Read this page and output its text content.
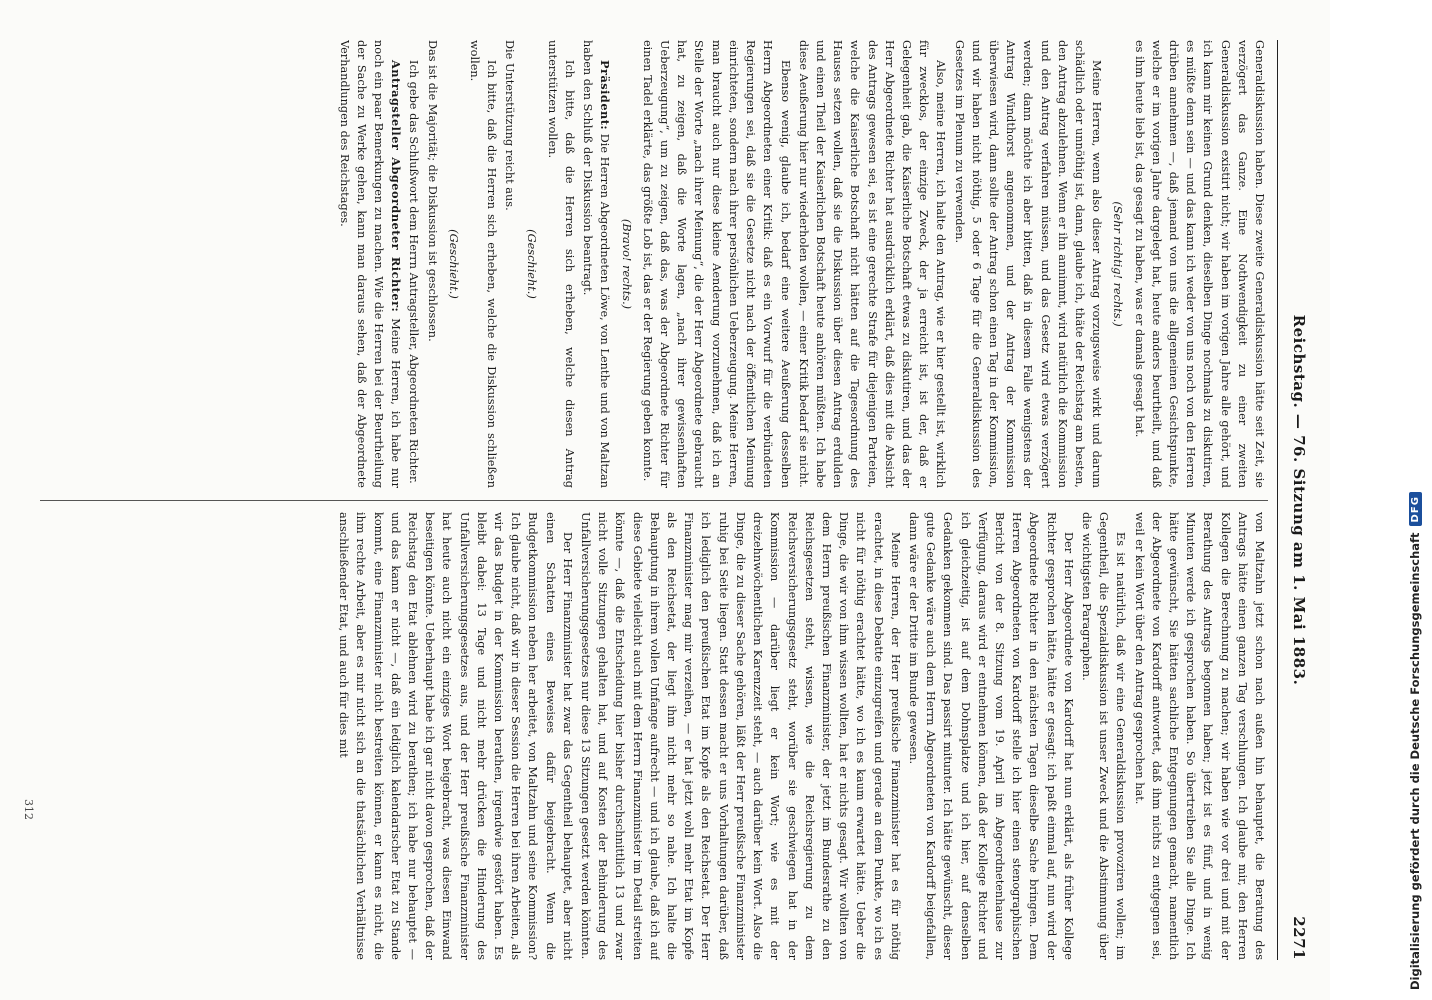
Reichstag. — 76. Sitzung am 1. Mai 1883.
2271

Generaldiskussion haben. Diese zweite Generaldiskussion hätte seit Zeit, sie verzögert das Ganze. Eine Nothwendigkeit zu einer zweiten Generaldiskussion existirt nicht; wir haben im vorigen Jahre alle gehört, und ich kann mir keinen Grund denken, dieselben Dinge nochmals zu diskutiren, es müßte denn sein — und das kann ich weder von uns noch von den Herren drüben annehmen —, daß jemand von uns die allgemeinen Gesichtspunkte, welche er im vorigen Jahre dargelegt hat, heute anders beurtheilt, und daß es ihm heute lieb ist, das gesagt zu haben, was er damals gesagt hat.

(Sehr richtig! rechts.)

Meine Herren, wenn also dieser Antrag vorzugsweise wirkt und darum schädlich oder unnöthig ist, dann, glaube ich, thäte der Reichstag am besten, den Antrag abzulehnen. Wenn er ihn annimmt, wird natürlich die Kommission und den Antrag verfahren müssen, und das Gesetz wird etwas verzögert werden; dann möchte ich aber bitten, daß in diesem Falle wenigstens der Antrag Windthorst angenommen, und der Antrag der Kommission überwiesen wird, dann sollte der Antrag schon einen Tag in der Kommission, und wir haben nicht nöthig, 5 oder 6 Tage für die Generaldiskussion des Gesetzes im Plenum zu verwenden.

Also, meine Herren, ich halte den Antrag, wie er hier gestellt ist, wirklich für zwecklos, der einzige Zweck, der ja erreicht ist, ist der, daß er Gelegenheit gab, die Kaiserliche Botschaft etwas zu diskutiren, und das der Herr Abgeordnete Richter hat ausdrücklich erklärt, daß dies mit die Absicht des Antrags gewesen sei, es ist eine gerechte Strafe für diejenigen Parteien, welche die Kaiserliche Botschaft nicht hätten auf die Tagesordnung des Hauses setzen wollen, daß sie die Diskussion über diesen Antrag erdulden und einen Theil der Kaiserlichen Botschaft heute anhören müßten. Ich habe diese Aeußerung hier nur wiederholen wollen, — einer Kritik bedarf sie nicht.

Ebenso wenig, glaube ich, bedarf eine weitere Aeußerung desselben Herrn Abgeordneten einer Kritik: daß es ein Vorwurf für die verbündeten Regierungen sei, daß sie die Gesetze nicht nach der öffentlichen Meinung einrichteten, sondern nach ihrer persönlichen Ueberzeugung. Meine Herren, man braucht auch nur diese kleine Aenderung vorzunehmen, daß ich an Stelle der Worte „nach ihrer Meinung“, die der Herr Abgeordnete gebraucht hat, zu zeigen, daß die Worte lagen, „nach ihrer gewissenhaften Ueberzeugung“, um zu zeigen, daß das, was der Abgeordnete Richter für einen Tadel erklärte, das größte Lob ist, das er der Regierung geben konnte.

(Bravo! rechts.)

Präsident: Die Herren Abgeordneten Löwe, von Lenthe und von Maltzan haben den Schluß der Diskussion beantragt.

Ich bitte, daß die Herren sich erheben, welche diesen Antrag unterstützen wollen.

(Geschieht.)

Die Unterstützung reicht aus.

Ich bitte, daß die Herren sich erheben, welche die Diskussion schließen wollen.

(Geschieht.)

Das ist die Majorität; die Diskussion ist geschlossen.

Ich gebe das Schlußwort dem Herrn Antragsteller, Abgeordneten Richter.

Antragsteller Abgeordneter Richter: Meine Herren, ich habe nur noch ein paar Bemerkungen zu machen. Wie die Herren bei der Beurtheilung der Sache zu Werke gehen, kann man daraus sehen, daß der Abgeordnete Verhandlungen des Reichstages.

von Maltzahn jetzt schon nach außen hin behauptet, die Beratung des Antrags hätte einen ganzen Tag verschlungen. Ich glaube mir, den Herren Kollegen die Berechnung zu machen; wir haben wie vor drei und mit der Berathung des Antrags begonnen haben; jetzt ist es fünf, und in wenig Minuten werde ich gesprochen haben. So übertreiben Sie alle Dinge. Ich hätte gewünscht, Sie hätten sachliche Entgegnungen gemacht, namentlich der Abgeordnete von Kardorff antwortet, daß ihm nichts zu entgegnen sei, weil er kein Wort über den Antrag gesprochen hat.

Es ist natürlich, daß wir eine Generaldiskussion provoziren wollen; im Gegentheil, die Spezialdiskussion ist unser Zweck und die Abstimmung über die wichtigsten Paragraphen.

Der Herr Abgeordnete von Kardorff hat nun erklärt, als früher Kollege Richter gesprochen hätte, hätte er gesagt: ich paßt einmal auf, nun wird der Abgeordnete Richter in den nächsten Tagen dieselbe Sache bringen. Dem Herren Abgeordneten von Kardorff stelle ich hier einen stenographischen Bericht von der 8. Sitzung vom 19. April im Abgeordnetenhause zur Verfügung, daraus wird er entnehmen können, daß der Kollege Richter und ich gleichzeitig, ist auf dem Dohnsplatze und ich hier, auf denselben Gedanken gekommen sind. Das passirt mitunter. Ich hätte gewünscht, dieser gute Gedanke wäre auch dem Herrn Abgeordneten von Kardorff beigefallen, dann wäre er der Dritte im Bunde gewesen.

Meine Herren, der Herr preußische Finanzminister hat es für nöthig erachtet, in diese Debatte einzugreifen und gerade an dem Punkte, wo ich es nicht für nöthig erachtet hätte, wo ich es kaum erwartet hätte. Ueber die Dinge, die wir von ihm wissen wollten, hat er nichts gesagt. Wir wollten von dem Herrn preußischen Finanzminister, der jetzt im Bundesrathe zu den Reichsgesetzen steht, wissen, wie die Reichsregierung zu dem Reichsversicherungsgesetz steht, worüber sie geschwiegen hat in der Kommission — darüber liegt er kein Wort; wie es mit der dreizehnwöchentlichen Karenzzeit steht, — auch darüber kein Wort. Also die Dinge, die zu dieser Sache gehören, läßt der Herr preußische Finanzminister ruhig bei Seite liegen. Statt dessen macht er uns Vorhaltungen darüber, daß ich lediglich den preußischen Etat im Kopfe als den Reichsetat. Der Herr Finanzminister mag mir verzeihen, — er hat jetzt wohl mehr Etat im Kopfe als den Reichsetat, der liegt ihm nicht mehr so nahe. Ich halte die Behauptung in ihrem vollen Umfange aufrecht — und ich glaube, daß ich auf diese Gebiete vielleicht auch mit dem Herrn Finanzminister im Detail streiten könnte —, daß die Entscheidung hier bisher durchschnittlich 13 und zwar nicht volle Sitzungen gehalten hat, und auf Kosten der Behinderung des Unfallversicherungsgesetzes nur diese 13 Sitzungen gesetzt werden könnten.

Der Herr Finanzminister hat zwar das Gegentheil behauptet, aber nicht einen Schatten eines Beweises dafür beigebracht. Wenn die Budgetkommission neben her arbeitet, von Maltzahn und seine Kommission? Ich glaube nicht, daß wir in dieser Session die Herren bei ihren Arbeiten, als wir das Budget in der Kommission berathen, irgendwie gestört haben. Es bleibt dabei: 13 Tage und nicht mehr drücken die Hinderung des Unfallversicherungsgesetzes aus, und der Herr preußische Finanzminister hat heute auch nicht ein einziges Wort beigebracht, was diesen Einwand beseitigen könnte. Ueberhaupt habe ich gar nicht davon gesprochen, daß der Reichstag den Etat ablehnen wird zu berathen; ich habe nur behauptet — und das kann er nicht —, daß ein lediglich kalendarischer Etat zu Stande kommt, eine Finanzminister nicht bestreiten können, er kann es nicht, die ihm rechte Arbeit, aber es mir nicht sich an die thatsächlichen Verhältnisse anschließender Etat, und auch für dies mit

312	Digitalisierung gefördert durch die Deutsche Forschungsgemeinschaft
DFG
